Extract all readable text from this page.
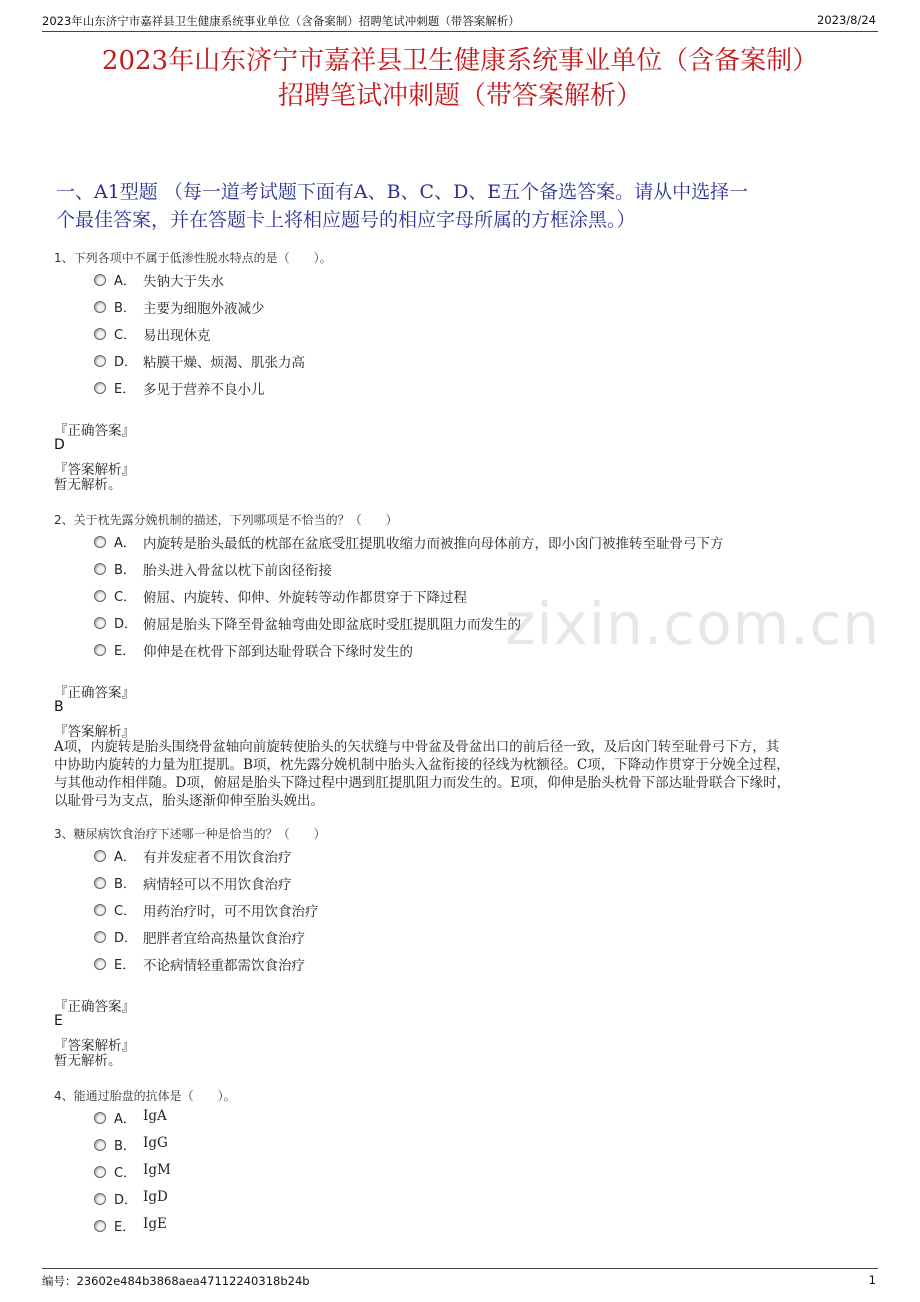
2023年山东济宁市嘉祥县卫生健康系统事业单位（含备案制）招聘笔试冲刺题（带答案解析）	2023/8/24
2023年山东济宁市嘉祥县卫生健康系统事业单位（含备案制）
招聘笔试冲刺题（带答案解析）
一、A1型题 （每一道考试题下面有A、B、C、D、E五个备选答案。请从中选择一
个最佳答案，并在答题卡上将相应题号的相应字母所属的方框涂黑。）
zixin.com.cn
1、下列各项中不属于低渗性脱水特点的是（　　）。
A． 失钠大于失水
B． 主要为细胞外液减少
C． 易出现休克
D． 粘膜干燥、烦渴、肌张力高
E． 多见于营养不良小儿
『正确答案』
D
『答案解析』
暂无解析。
2、关于枕先露分娩机制的描述，下列哪项是不恰当的？（　　）
A． 内旋转是胎头最低的枕部在盆底受肛提肌收缩力而被推向母体前方，即小囟门被推转至耻骨弓下方
B． 胎头进入骨盆以枕下前囟径衔接
C． 俯屈、内旋转、仰伸、外旋转等动作都贯穿于下降过程
D． 俯屈是胎头下降至骨盆轴弯曲处即盆底时受肛提肌阻力而发生的
E． 仰伸是在枕骨下部到达耻骨联合下缘时发生的
『正确答案』
B
『答案解析』
A项，内旋转是胎头围绕骨盆轴向前旋转使胎头的矢状缝与中骨盆及骨盆出口的前后径一致，及后囟门转至耻骨弓下方，其
中协助内旋转的力量为肛提肌。B项，枕先露分娩机制中胎头入盆衔接的径线为枕额径。C项，下降动作贯穿于分娩全过程，
与其他动作相伴随。D项，俯屈是胎头下降过程中遇到肛提肌阻力而发生的。E项，仰伸是胎头枕骨下部达耻骨联合下缘时，
以耻骨弓为支点，胎头逐渐仰伸至胎头娩出。
3、糖尿病饮食治疗下述哪一种是恰当的？（　　）
A． 有并发症者不用饮食治疗
B． 病情轻可以不用饮食治疗
C． 用药治疗时，可不用饮食治疗
D． 肥胖者宜给高热量饮食治疗
E． 不论病情轻重都需饮食治疗
『正确答案』
E
『答案解析』
暂无解析。
4、能通过胎盘的抗体是（　　）。
A． IgA
B． IgG
C． IgM
D． IgD
E． IgE
编号：23602e484b3868aea47112240318b24b	1
